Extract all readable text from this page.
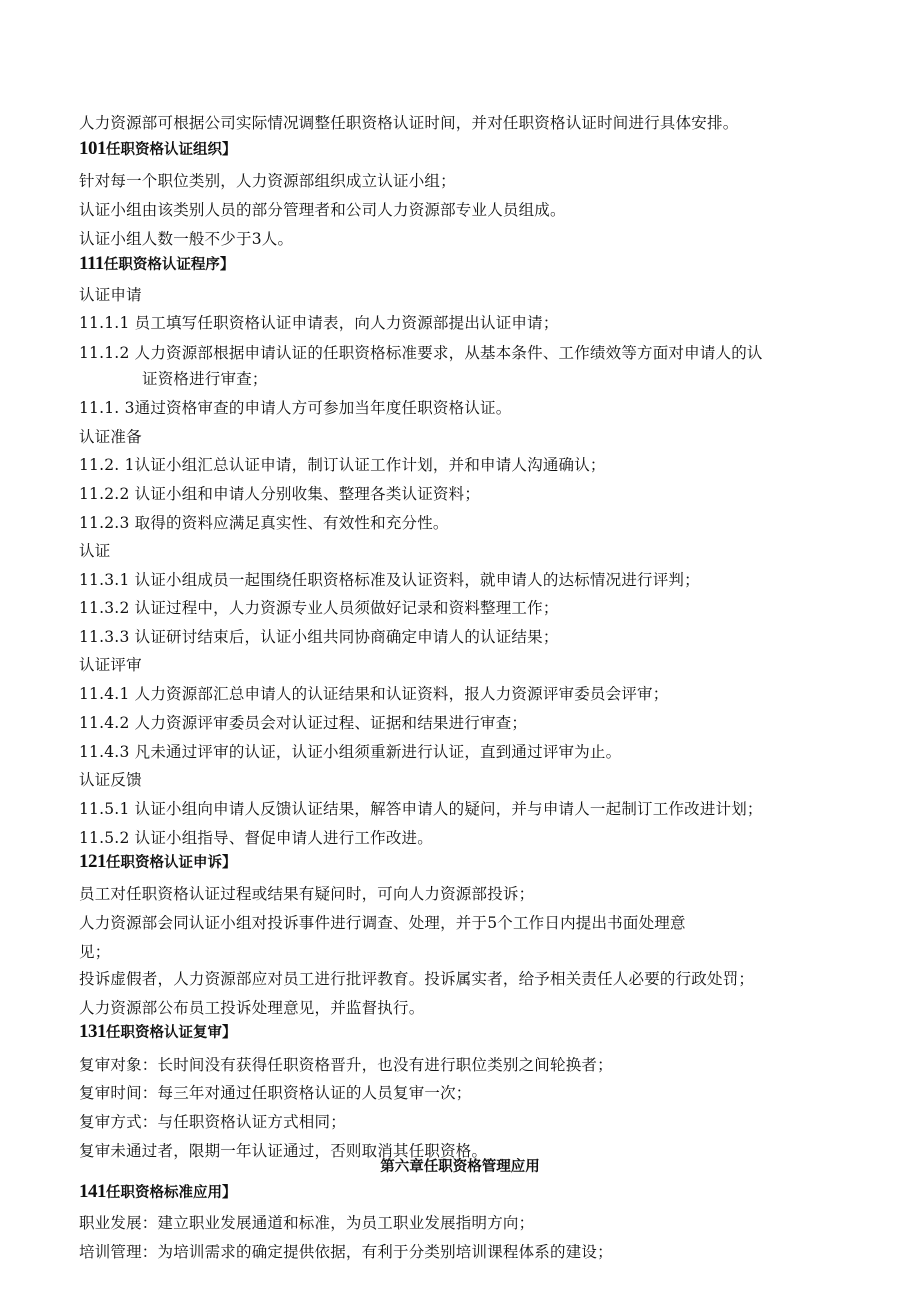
人力资源部可根据公司实际情况调整任职资格认证时间，并对任职资格认证时间进行具体安排。
101任职资格认证组织】
针对每一个职位类别，人力资源部组织成立认证小组；
认证小组由该类别人员的部分管理者和公司人力资源部专业人员组成。
认证小组人数一般不少于3人。
111任职资格认证程序】
认证申请
11.1.1 员工填写任职资格认证申请表，向人力资源部提出认证申请；
11.1.2 人力资源部根据申请认证的任职资格标准要求，从基本条件、工作绩效等方面对申请人的认
证资格进行审查；
11.1. 3通过资格审查的申请人方可参加当年度任职资格认证。
认证准备
11.2. 1认证小组汇总认证申请，制订认证工作计划，并和申请人沟通确认；
11.2.2 认证小组和申请人分别收集、整理各类认证资料；
11.2.3 取得的资料应满足真实性、有效性和充分性。
认证
11.3.1 认证小组成员一起围绕任职资格标准及认证资料，就申请人的达标情况进行评判；
11.3.2 认证过程中，人力资源专业人员须做好记录和资料整理工作；
11.3.3 认证研讨结束后，认证小组共同协商确定申请人的认证结果；
认证评审
11.4.1 人力资源部汇总申请人的认证结果和认证资料，报人力资源评审委员会评审；
11.4.2 人力资源评审委员会对认证过程、证据和结果进行审查；
11.4.3 凡未通过评审的认证，认证小组须重新进行认证，直到通过评审为止。
认证反馈
11.5.1 认证小组向申请人反馈认证结果，解答申请人的疑问，并与申请人一起制订工作改进计划；
11.5.2 认证小组指导、督促申请人进行工作改进。
121任职资格认证申诉】
员工对任职资格认证过程或结果有疑问时，可向人力资源部投诉；
人力资源部会同认证小组对投诉事件进行调查、处理，并于5个工作日内提出书面处理意
见；
投诉虚假者，人力资源部应对员工进行批评教育。投诉属实者，给予相关责任人必要的行政处罚；
人力资源部公布员工投诉处理意见，并监督执行。
131任职资格认证复审】
复审对象：长时间没有获得任职资格晋升，也没有进行职位类别之间轮换者；
复审时间：每三年对通过任职资格认证的人员复审一次；
复审方式：与任职资格认证方式相同；
复审未通过者，限期一年认证通过，否则取消其任职资格。
第六章任职资格管理应用
141任职资格标准应用】
职业发展：建立职业发展通道和标准，为员工职业发展指明方向；
培训管理：为培训需求的确定提供依据，有利于分类别培训课程体系的建设；
